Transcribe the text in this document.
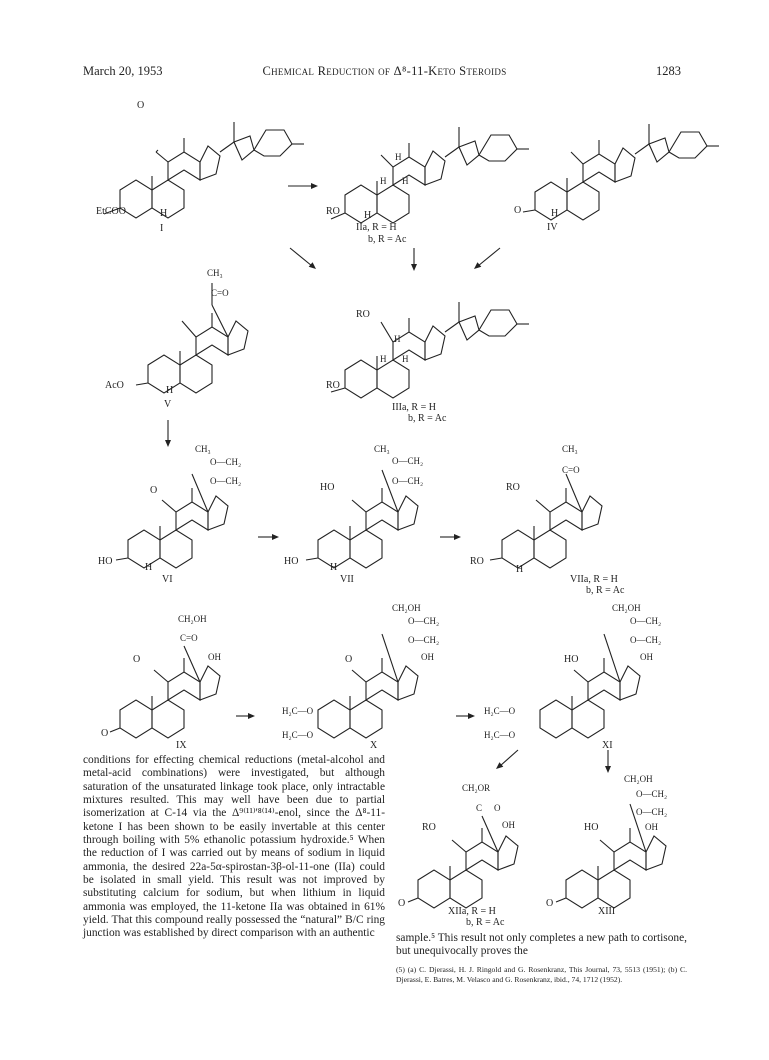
March 20, 1953	Chemical Reduction of Δ⁸-11-Keto Steroids	1283
EtCOO
O
H
I
RO H
H
H H
IIa, R = H
b, R = Ac
O	H
IV
CH₃
C=O
AcO	H
V
RO
RO
H
H H
IIIa, R = H
b, R = Ac
CH₃
O—CH₂
O—CH₂
O
HO
H
VI
CH₃
O—CH₂
O—CH₂
HO
HO
H
VII
CH₃
C=O
RO
RO
H
VIIa, R = H
b, R = Ac
CH₂OH
C=O
OH
O
O
IX
CH₂OH
O—CH₂
O—CH₂
OH
O
H₂C—O
H₂C—O
X
CH₂OH
O—CH₂
O—CH₂
OH
HO
H₂C—O
H₂C—O
XI
CH₂OR
C O
OH
RO
O
XIIa, R = H
b, R = Ac
CH₂OH
O—CH₂
O—CH₂
OH
HO
O
XIII

conditions for effecting chemical reductions (metal-alcohol and metal-acid combinations) were investigated, but although saturation of the unsaturated linkage took place, only intractable mixtures resulted. This may well have been due to partial isomerization at C-14 via the Δ⁹⁽¹¹⁾'⁸⁽¹⁴⁾-enol, since the Δ⁸-11-ketone I has been shown to be easily invertable at this center through boiling with 5% ethanolic potassium hydroxide.⁵ When the reduction of I was carried out by means of sodium in liquid ammonia, the desired 22a-5α-spirostan-3β-ol-11-one (IIa) could be isolated in small yield. This result was not improved by substituting calcium for sodium, but when lithium in liquid ammonia was employed, the 11-ketone IIa was obtained in 61% yield. That this compound really possessed the “natural” B/C ring junction was established by direct comparison with an authentic	sample.⁵ This result not only completes a new path to cortisone, but unequivocally proves the

(5) (a) C. Djerassi, H. J. Ringold and G. Rosenkranz, This Journal, 73, 5513 (1951); (b) C. Djerassi, E. Batres, M. Velasco and G. Rosenkranz, ibid., 74, 1712 (1952).
